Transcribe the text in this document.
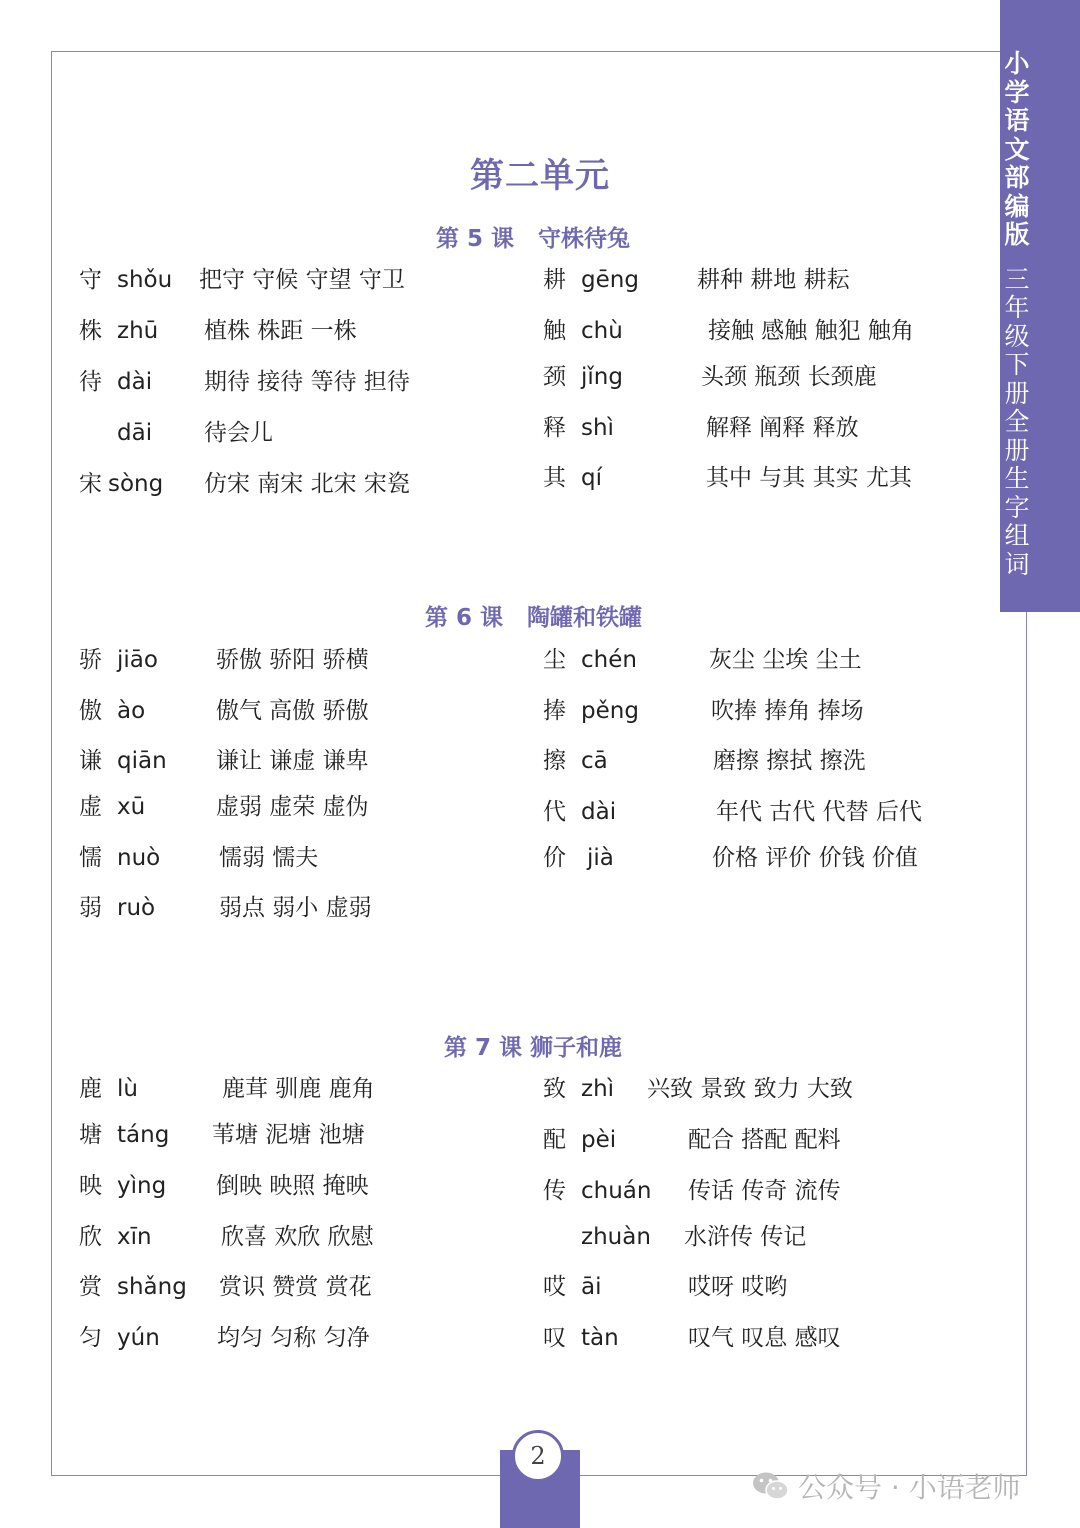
小学语文部编版
三年级下册 全册生字组词
第二单元
第 5 课   守株待兔
守 shǒu 把守 守候 守望 守卫
株 zhū 植株 株距 一株
待 dài 期待 接待 等待 担待
dāi 待会儿
宋 sòng 仿宋 南宋 北宋 宋瓷
耕 gēng	耕种 耕地 耕耘
触 chù	接触 感触 触犯 触角
颈 jǐng	头颈 瓶颈 长颈鹿
释 shì	解释 阐释 释放
其 qí	其中 与其 其实 尤其
第 6 课   陶罐和铁罐
骄 jiāo	骄傲 骄阳 骄横
傲 ào	傲气 高傲 骄傲
谦 qiān 谦让 谦虚 谦卑
虚 xū	虚弱 虚荣 虚伪
懦 nuò	懦弱 懦夫
弱 ruò	弱点 弱小 虚弱
尘 chén	灰尘 尘埃 尘土
捧 pěng	吹捧 捧角 捧场
擦 cā	磨擦 擦拭 擦洗
代 dài	年代 古代 代替 后代
价 jià	价格 评价 价钱 价值
第 7 课 狮子和鹿
鹿 lù	鹿茸 驯鹿 鹿角
塘 táng 苇塘 泥塘 池塘
映 yìng 倒映 映照 掩映
欣 xīn	欣喜 欢欣 欣慰
赏 shǎng 赏识 赞赏 赏花
匀 yún 均匀 匀称 匀净
致 zhì 兴致 景致 致力 大致
配 pèi	配合 搭配 配料
传 chuán 传话 传奇 流传
zhuàn 水浒传 传记
哎 āi	哎呀 哎哟
叹 tàn	叹气 叹息 感叹
2
公众号 · 小语老师
